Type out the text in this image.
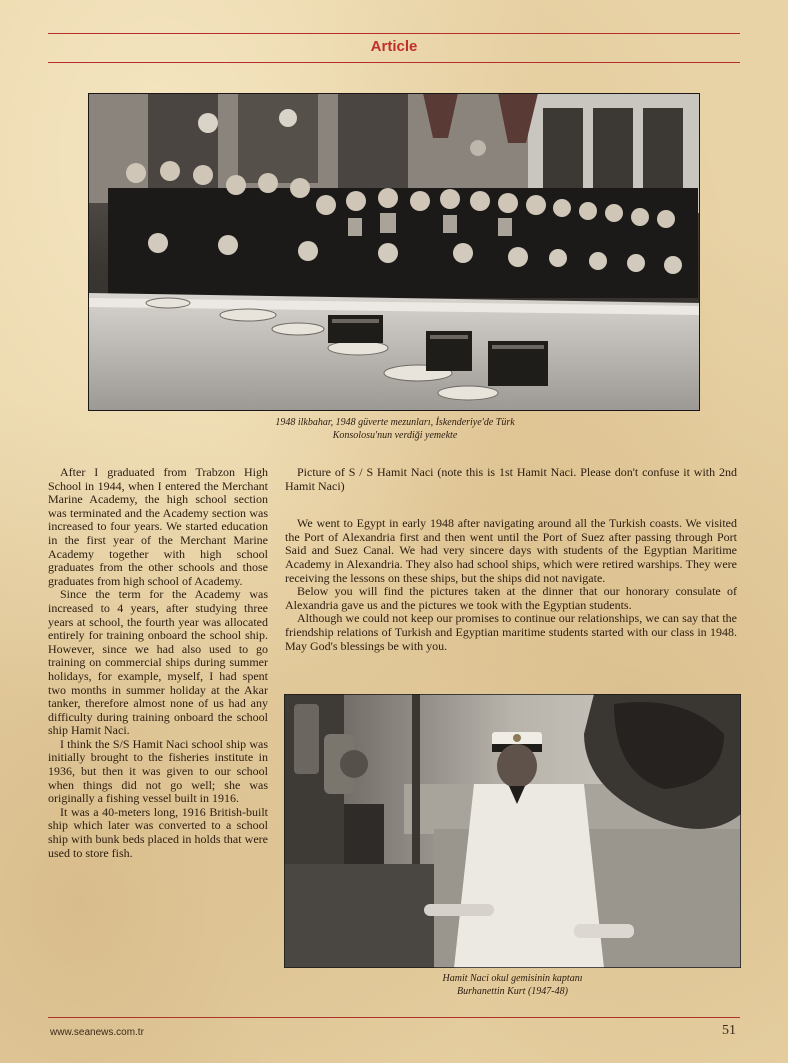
Article
1948 ilkbahar, 1948 güverte mezunları, İskenderiye'de Türk
Konsolosu'nun verdiği yemekte

After I graduated from Trabzon High School in 1944, when I entered the Merchant Marine Academy, the high school section was terminated and the Academy section was increased to four years. We started education in the first year of the Merchant Marine Academy together with high school graduates from the other schools and those graduates from high school of Academy.

Since the term for the Academy was increased to 4 years, after studying three years at school, the fourth year was allocated entirely for training onboard the school ship. However, since we had also used to go training on commercial ships during summer holidays, for example, myself, I had spent two months in summer holiday at the Akar tanker, therefore almost none of us had any difficulty during training onboard the school ship Hamit Naci.

I think the S/S Hamit Naci school ship was initially brought to the fisheries institute in 1936, but then it was given to our school when things did not go well; she was originally a fishing vessel built in 1916.

It was a 40-meters long, 1916 British-built ship which later was converted to a school ship with bunk beds placed in holds that were used to store fish.

Picture of S / S Hamit Naci (note this is 1st Hamit Naci. Please don't confuse it with 2nd Hamit Naci)

We went to Egypt in early 1948 after navigating around all the Turkish coasts. We visited the Port of Alexandria first and then went until the Port of Suez after passing through Port Said and Suez Canal. We had very sincere days with students of the Egyptian Maritime Academy in Alexandria. They also had school ships, which were retired warships. They were receiving the lessons on these ships, but the ships did not navigate.

Below you will find the pictures taken at the dinner that our honorary consulate of Alexandria gave us and the pictures we took with the Egyptian students.

Although we could not keep our promises to continue our relationships, we can say that the friendship relations of Turkish and Egyptian maritime students started with our class in 1948. May God's blessings be with you.

Hamit Naci okul gemisinin kaptanı
Burhanettin Kurt (1947-48)
www.seanews.com.tr	51
